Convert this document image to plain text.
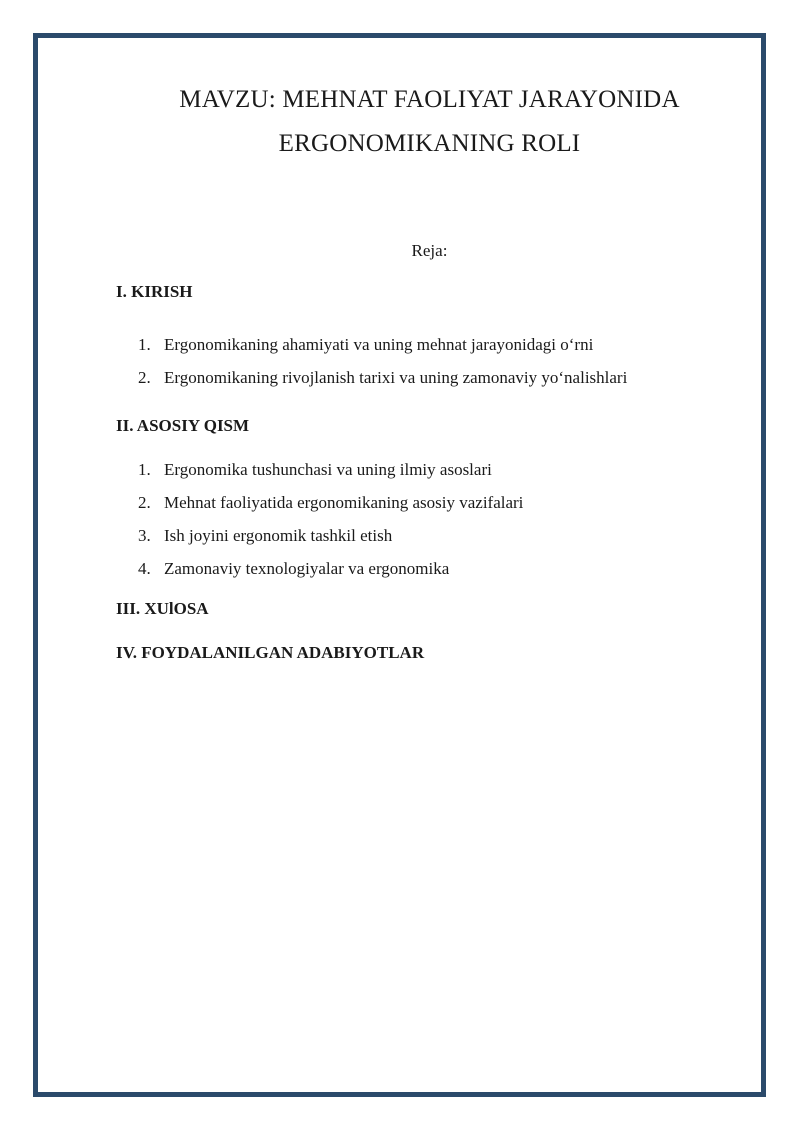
MAVZU: MEHNAT FAOLIYAT JARAYONIDA
ERGONOMIKANING ROLI
Reja:
I. KIRISH
1. Ergonomikaning ahamiyati va uning mehnat jarayonidagi o‘rni
2. Ergonomikaning rivojlanish tarixi va uning zamonaviy yo‘nalishlari
II. ASOSIY QISM
1. Ergonomika tushunchasi va uning ilmiy asoslari
2. Mehnat faoliyatida ergonomikaning asosiy vazifalari
3. Ish joyini ergonomik tashkil etish
4. Zamonaviy texnologiyalar va ergonomika
III. XUlOSA
IV. FOYDALANILGAN ADABIYOTLAR
